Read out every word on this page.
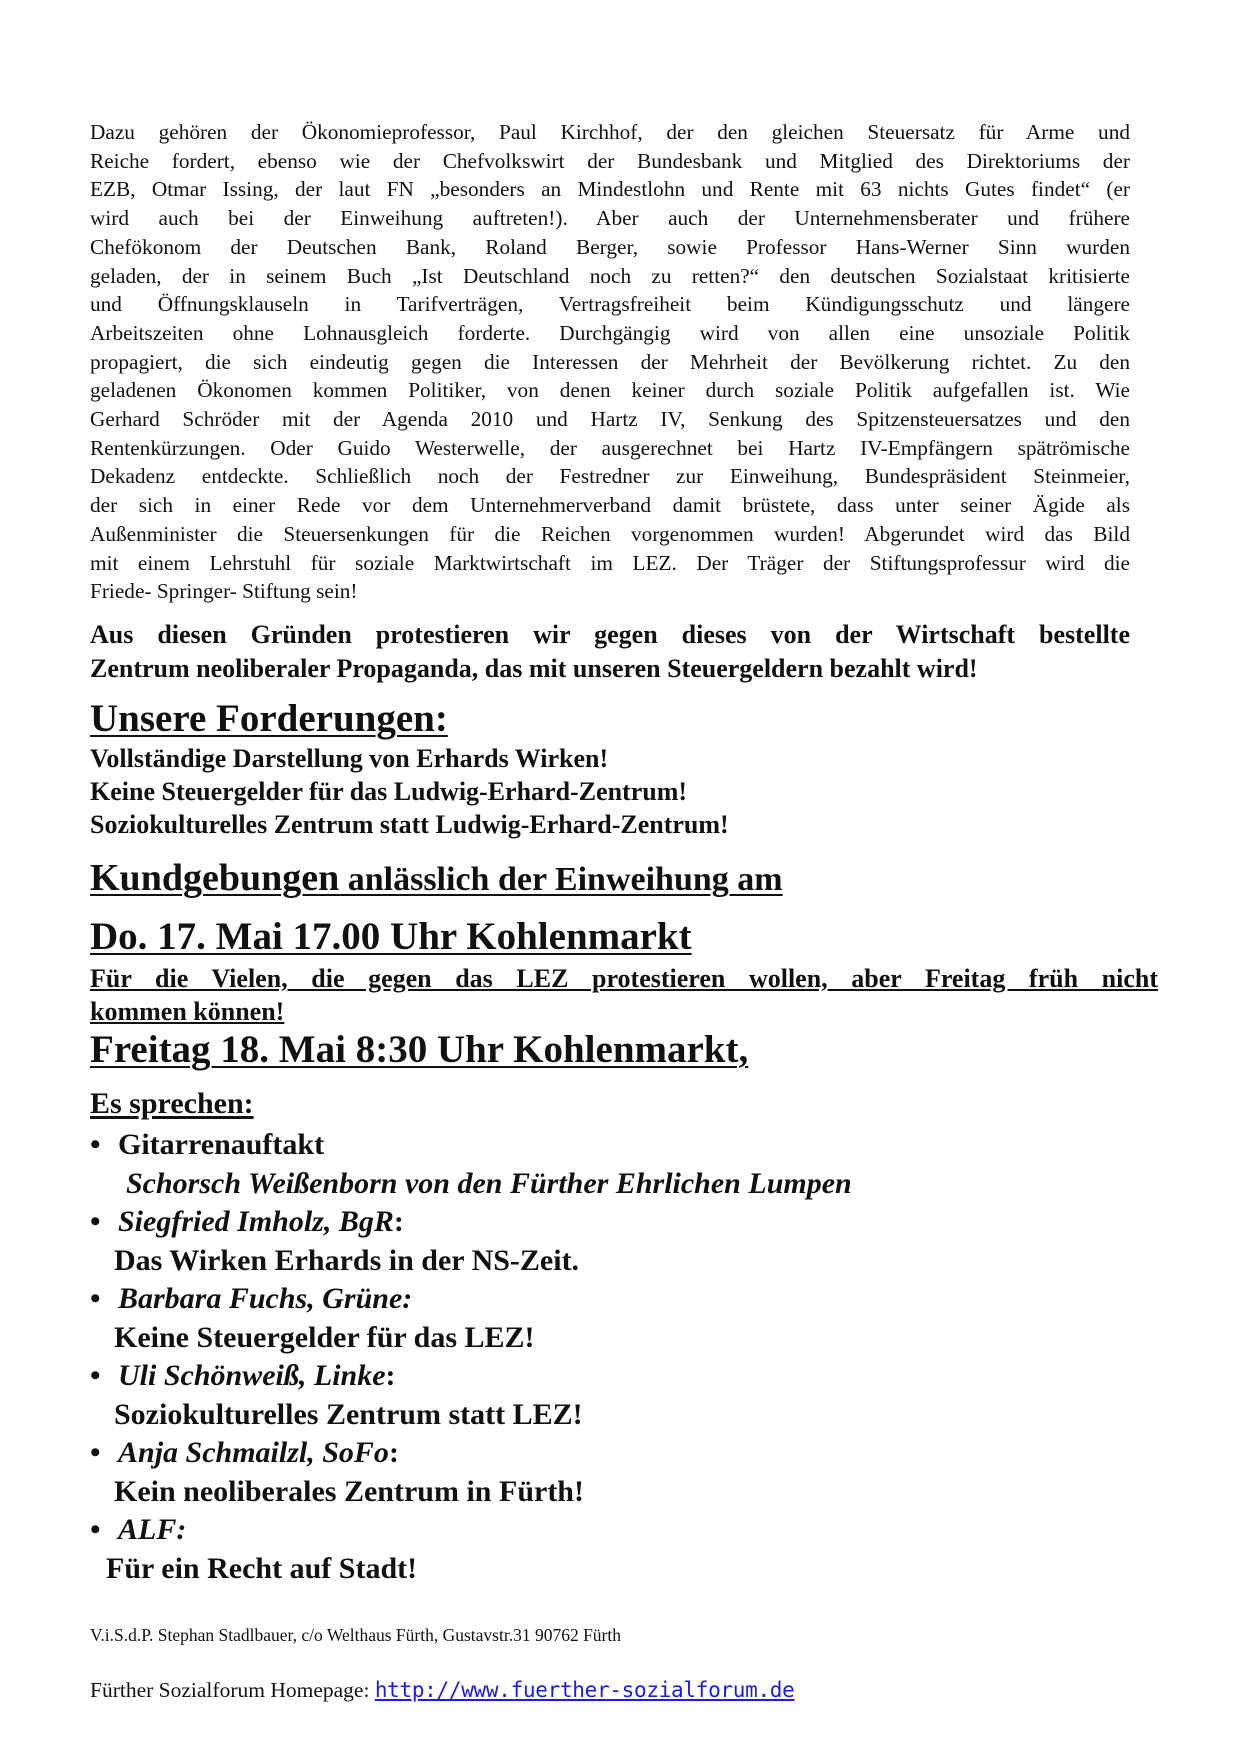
Dazu gehören der Ökonomieprofessor, Paul Kirchhof, der den gleichen Steuersatz für Arme und
Reiche fordert, ebenso wie der Chefvolkswirt der Bundesbank und Mitglied des Direktoriums der
EZB, Otmar Issing, der laut FN „besonders an Mindestlohn und Rente mit 63 nichts Gutes findet“ (er
wird auch bei der Einweihung auftreten!). Aber auch der Unternehmensberater und frühere
Chefökonom der Deutschen Bank, Roland Berger, sowie Professor Hans-Werner Sinn wurden
geladen, der in seinem Buch „Ist Deutschland noch zu retten?“ den deutschen Sozialstaat kritisierte
und Öffnungsklauseln in Tarifverträgen, Vertragsfreiheit beim Kündigungsschutz und längere
Arbeitszeiten ohne Lohnausgleich forderte. Durchgängig wird von allen eine unsoziale Politik
propagiert, die sich eindeutig gegen die Interessen der Mehrheit der Bevölkerung richtet. Zu den
geladenen Ökonomen kommen Politiker, von denen keiner durch soziale Politik aufgefallen ist. Wie
Gerhard Schröder mit der Agenda 2010 und Hartz IV, Senkung des Spitzensteuersatzes und den
Rentenkürzungen. Oder Guido Westerwelle, der ausgerechnet bei Hartz IV-Empfängern spätrömische
Dekadenz entdeckte. Schließlich noch der Festredner zur Einweihung, Bundespräsident Steinmeier,
der sich in einer Rede vor dem Unternehmerverband damit brüstete, dass unter seiner Ägide als
Außenminister die Steuersenkungen für die Reichen vorgenommen wurden! Abgerundet wird das Bild
mit einem Lehrstuhl für soziale Marktwirtschaft im LEZ. Der Träger der Stiftungsprofessur wird die
Friede- Springer- Stiftung sein!
Aus diesen Gründen protestieren wir gegen dieses von der Wirtschaft bestellte
Zentrum neoliberaler Propaganda, das mit unseren Steuergeldern bezahlt wird!
Unsere Forderungen:
Vollständige Darstellung von Erhards Wirken!
Keine Steuergelder für das Ludwig-Erhard-Zentrum!
Soziokulturelles Zentrum statt Ludwig-Erhard-Zentrum!
Kundgebungen anlässlich der Einweihung am
Do. 17. Mai 17.00 Uhr Kohlenmarkt
Für die Vielen, die gegen das LEZ protestieren wollen, aber Freitag früh nicht
kommen können!
Freitag 18. Mai 8:30 Uhr Kohlenmarkt,
Es sprechen:
• Gitarrenauftakt
Schorsch Weißenborn von den Fürther Ehrlichen Lumpen
• Siegfried Imholz, BgR:
Das Wirken Erhards in der NS-Zeit.
• Barbara Fuchs, Grüne:
Keine Steuergelder für das LEZ!
• Uli Schönweiß, Linke:
Soziokulturelles Zentrum statt LEZ!
• Anja Schmailzl, SoFo:
Kein neoliberales Zentrum in Fürth!
• ALF:
Für ein Recht auf Stadt!
V.i.S.d.P. Stephan Stadlbauer, c/o Welthaus Fürth, Gustavstr.31 90762 Fürth
Fürther Sozialforum Homepage: http://www.fuerther-sozialforum.de
